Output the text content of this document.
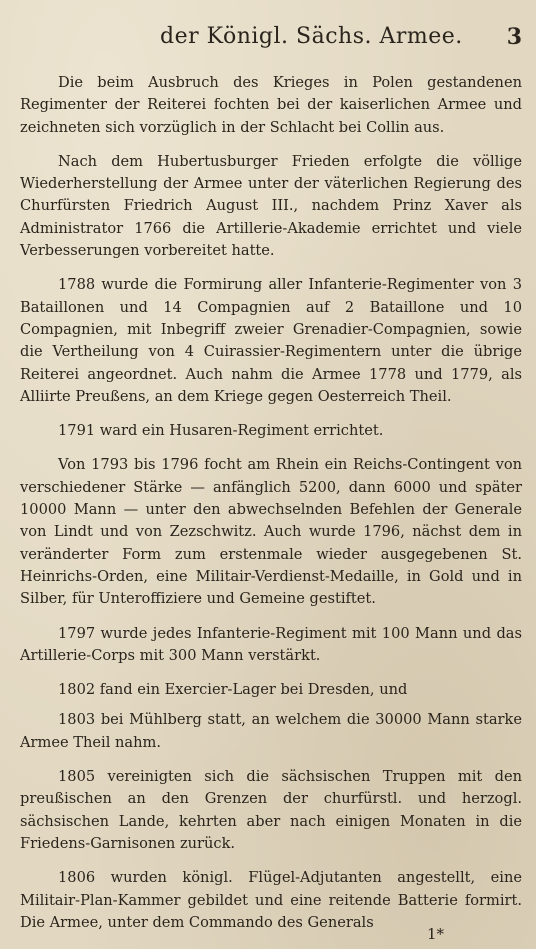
der Königl. Sächs. Armee. 3

Die beim Ausbruch des Krieges in Polen gestandenen Regimenter der Reiterei fochten bei der kaiserlichen Armee und zeichneten sich vorzüglich in der Schlacht bei Collin aus.

Nach dem Hubertusburger Frieden erfolgte die völlige Wiederherstellung der Armee unter der väterlichen Regierung des Churfürsten Friedrich August III., nachdem Prinz Xaver als Administrator 1766 die Artillerie-Akademie errichtet und viele Verbesserungen vorbereitet hatte.

1788 wurde die Formirung aller Infanterie-Regimenter von 3 Bataillonen und 14 Compagnien auf 2 Bataillone und 10 Compagnien, mit Inbegriff zweier Grenadier-Compagnien, sowie die Vertheilung von 4 Cuirassier-Regimentern unter die übrige Reiterei angeordnet. Auch nahm die Armee 1778 und 1779, als Alliirte Preußens, an dem Kriege gegen Oesterreich Theil.

1791 ward ein Husaren-Regiment errichtet.

Von 1793 bis 1796 focht am Rhein ein Reichs-Contingent von verschiedener Stärke — anfänglich 5200, dann 6000 und später 10000 Mann — unter den abwechselnden Befehlen der Generale von Lindt und von Zezschwitz. Auch wurde 1796, nächst dem in veränderter Form zum erstenmale wieder ausgegebenen St. Heinrichs-Orden, eine Militair-Verdienst-Medaille, in Gold und in Silber, für Unteroffiziere und Gemeine gestiftet.

1797 wurde jedes Infanterie-Regiment mit 100 Mann und das Artillerie-Corps mit 300 Mann verstärkt.

1802 fand ein Exercier-Lager bei Dresden, und

1803 bei Mühlberg statt, an welchem die 30000 Mann starke Armee Theil nahm.

1805 vereinigten sich die sächsischen Truppen mit den preußischen an den Grenzen der churfürstl. und herzogl. sächsischen Lande, kehrten aber nach einigen Monaten in die Friedens-Garnisonen zurück.

1806 wurden königl. Flügel-Adjutanten angestellt, eine Militair-Plan-Kammer gebildet und eine reitende Batterie formirt. Die Armee, unter dem Commando des Generals

1*
